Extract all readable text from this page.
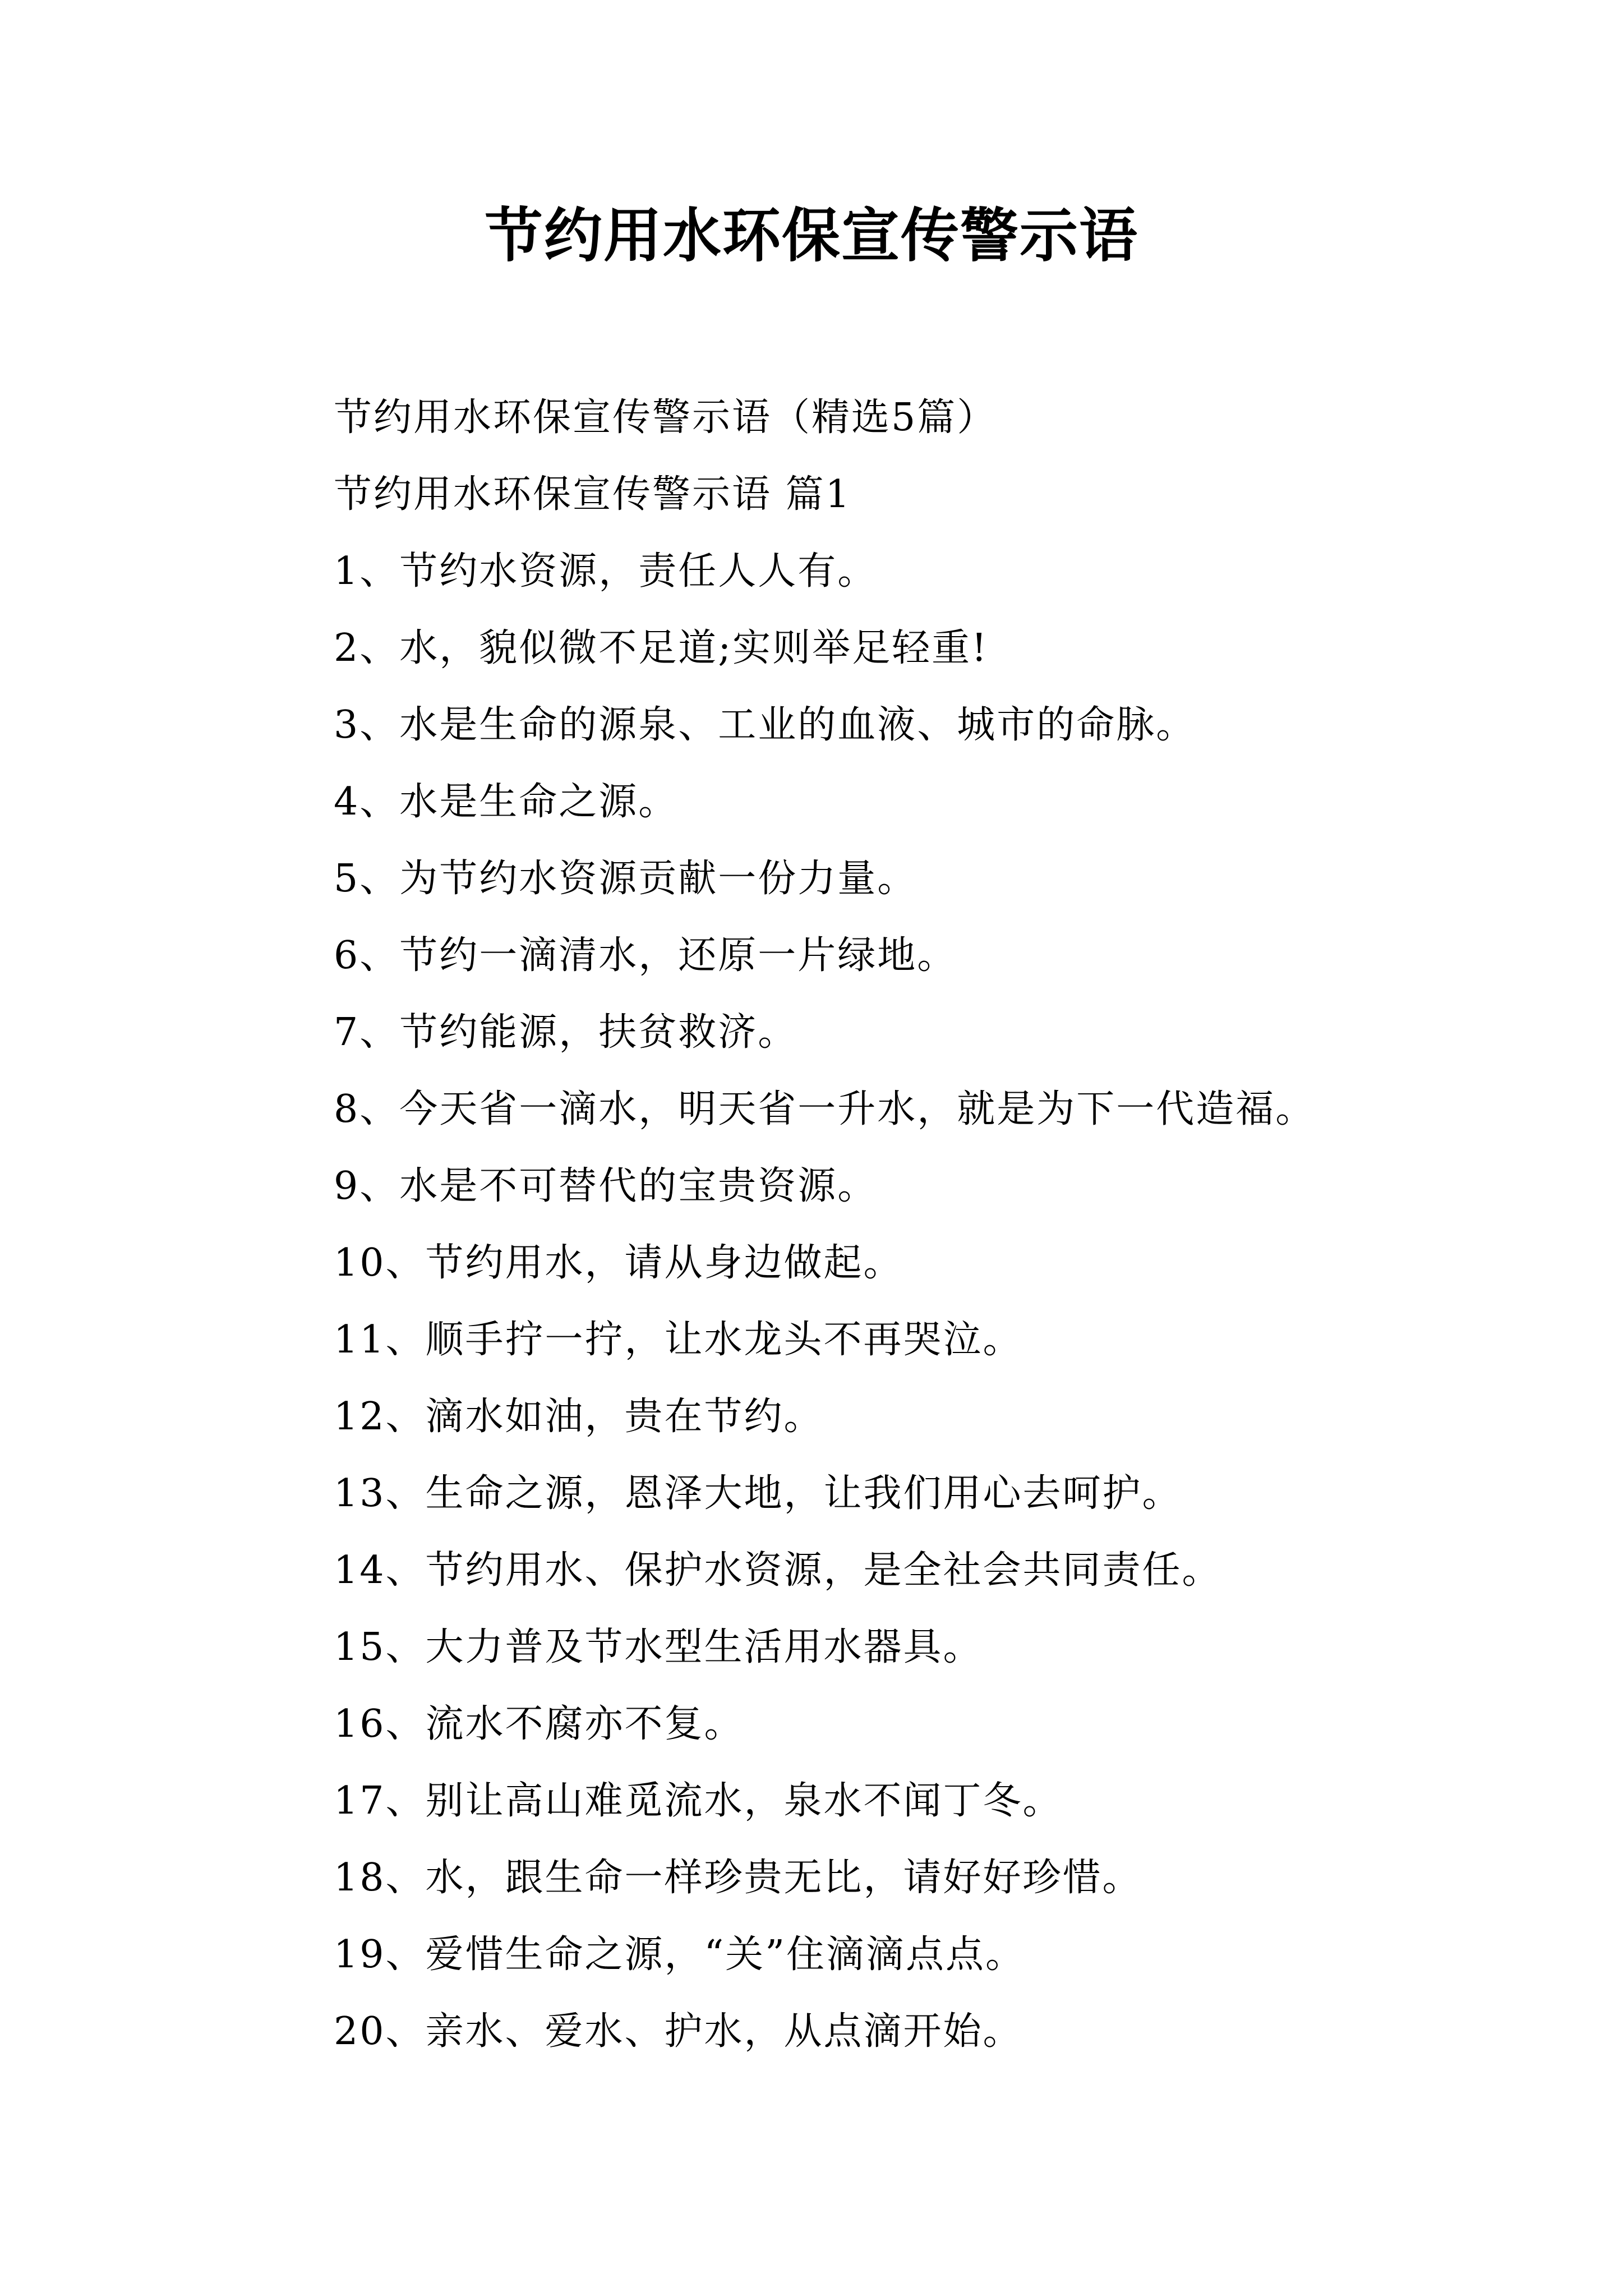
节约用水环保宣传警示语

节约用水环保宣传警示语（精选5篇）

节约用水环保宣传警示语 篇1

1、节约水资源，责任人人有。
2、水，貌似微不足道;实则举足轻重!
3、水是生命的源泉、工业的血液、城市的命脉。
4、水是生命之源。
5、为节约水资源贡献一份力量。
6、节约一滴清水，还原一片绿地。
7、节约能源，扶贫救济。
8、今天省一滴水，明天省一升水，就是为下一代造福。
9、水是不可替代的宝贵资源。
10、节约用水，请从身边做起。
11、顺手拧一拧，让水龙头不再哭泣。
12、滴水如油，贵在节约。
13、生命之源，恩泽大地，让我们用心去呵护。
14、节约用水、保护水资源，是全社会共同责任。
15、大力普及节水型生活用水器具。
16、流水不腐亦不复。
17、别让高山难觅流水，泉水不闻丁冬。
18、水，跟生命一样珍贵无比，请好好珍惜。
19、爱惜生命之源，“关”住滴滴点点。
20、亲水、爱水、护水，从点滴开始。
